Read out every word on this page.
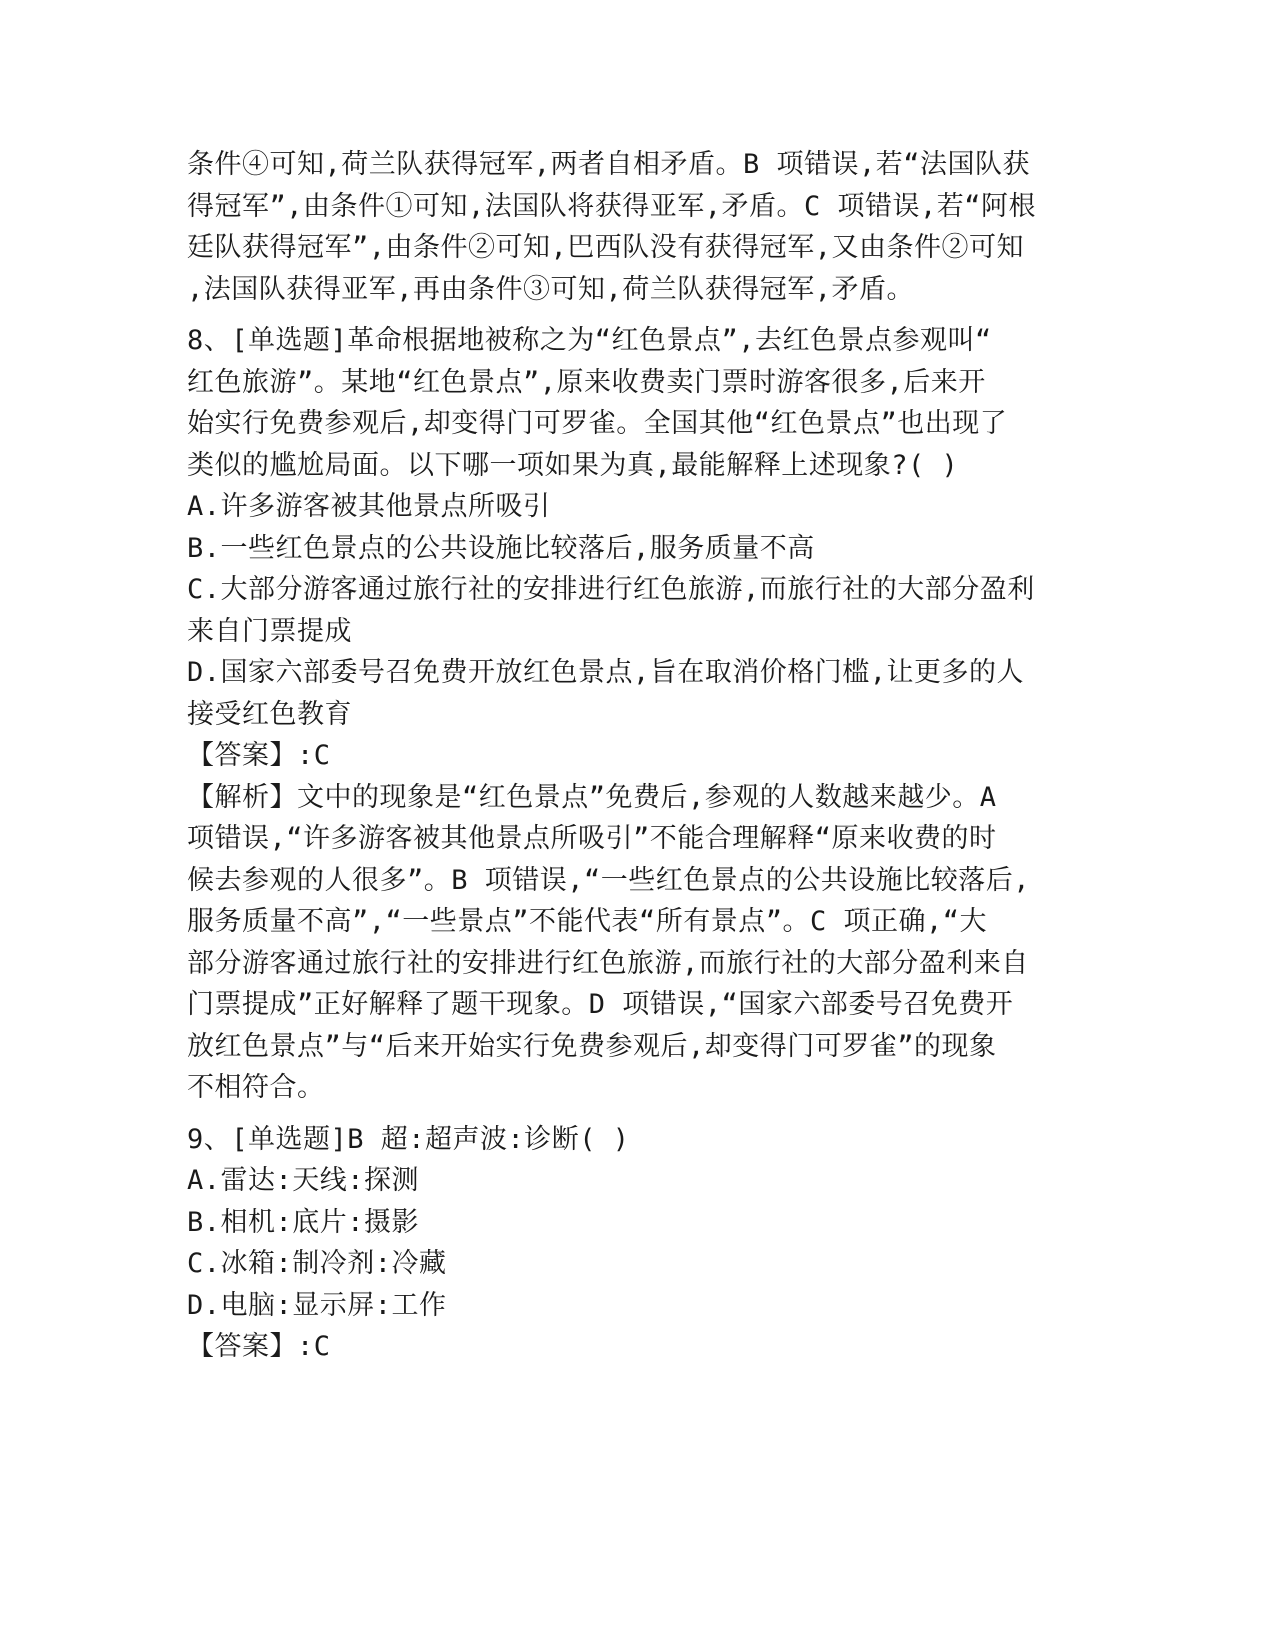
条件④可知,荷兰队获得冠军,两者自相矛盾。B 项错误,若“法国队获
得冠军”,由条件①可知,法国队将获得亚军,矛盾。C 项错误,若“阿根
廷队获得冠军”,由条件②可知,巴西队没有获得冠军,又由条件②可知
,法国队获得亚军,再由条件③可知,荷兰队获得冠军,矛盾。
8、[单选题]革命根据地被称之为“红色景点”,去红色景点参观叫“
红色旅游”。某地“红色景点”,原来收费卖门票时游客很多,后来开
始实行免费参观后,却变得门可罗雀。全国其他“红色景点”也出现了
类似的尴尬局面。以下哪一项如果为真,最能解释上述现象?( )
A.许多游客被其他景点所吸引
B.一些红色景点的公共设施比较落后,服务质量不高
C.大部分游客通过旅行社的安排进行红色旅游,而旅行社的大部分盈利
来自门票提成
D.国家六部委号召免费开放红色景点,旨在取消价格门槛,让更多的人
接受红色教育
【答案】:C
【解析】文中的现象是“红色景点”免费后,参观的人数越来越少。A
项错误,“许多游客被其他景点所吸引”不能合理解释“原来收费的时
候去参观的人很多”。B 项错误,“一些红色景点的公共设施比较落后,
服务质量不高”,“一些景点”不能代表“所有景点”。C 项正确,“大
部分游客通过旅行社的安排进行红色旅游,而旅行社的大部分盈利来自
门票提成”正好解释了题干现象。D 项错误,“国家六部委号召免费开
放红色景点”与“后来开始实行免费参观后,却变得门可罗雀”的现象
不相符合。
9、[单选题]B 超:超声波:诊断( )
A.雷达:天线:探测
B.相机:底片:摄影
C.冰箱:制冷剂:冷藏
D.电脑:显示屏:工作
【答案】:C
